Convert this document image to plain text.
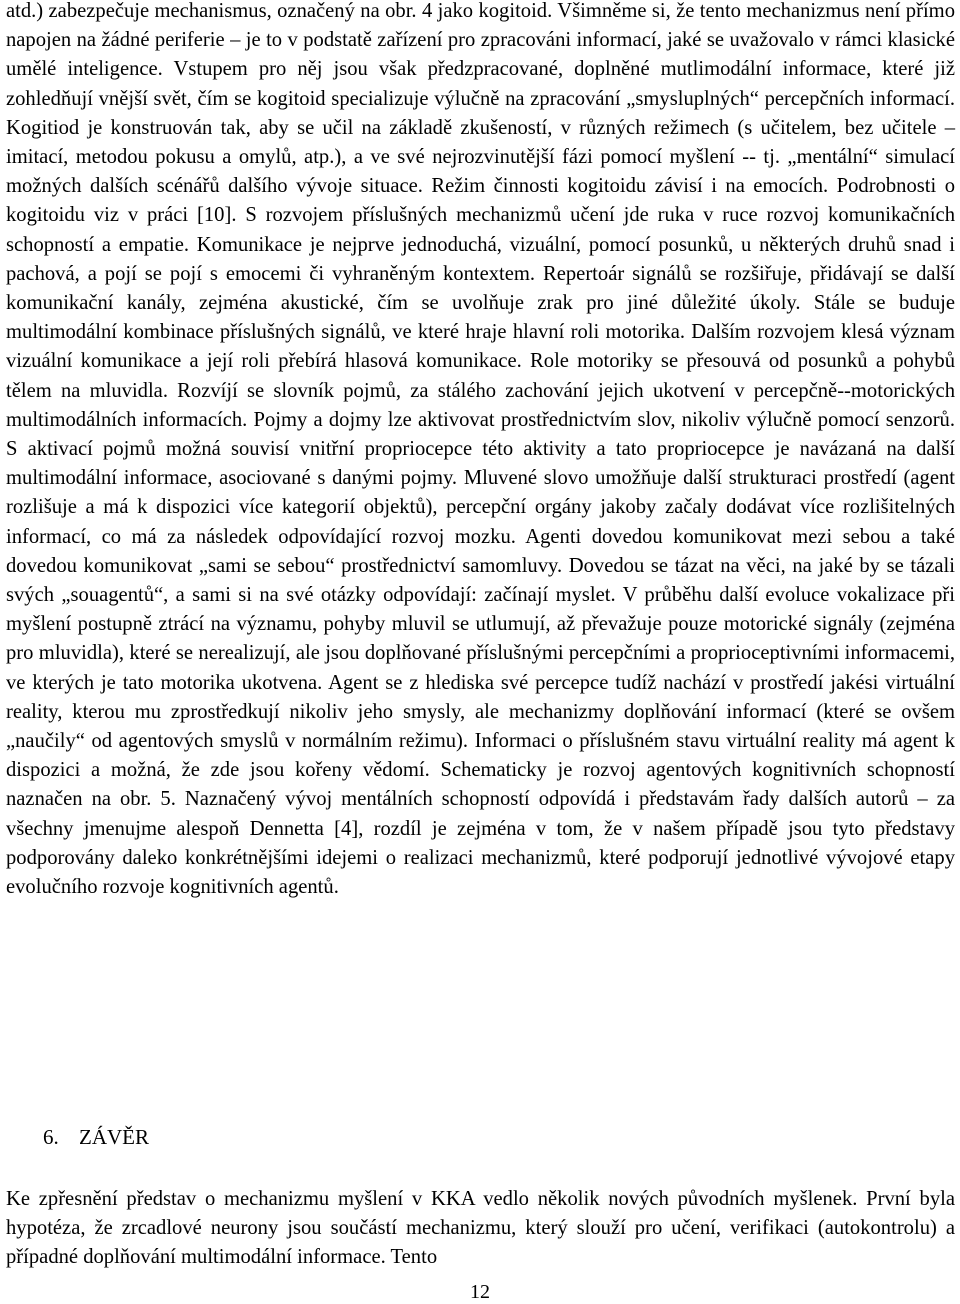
atd.) zabezpečuje mechanismus, označený na obr. 4 jako kogitoid. Všimněme si, že tento mechanizmus není přímo napojen na žádné periferie – je to v podstatě zařízení pro zpracováni informací, jaké se uvažovalo v rámci klasické umělé inteligence. Vstupem pro něj jsou však předzpracované, doplněné mutlimodální informace, které již zohledňují vnější svět, čím se kogitoid specializuje výlučně na zpracování „smysluplných“ percepčních informací. Kogitiod je konstruován tak, aby se učil na základě zkušeností, v různých režimech (s učitelem, bez učitele – imitací, metodou pokusu a omylů, atp.), a ve své nejrozvinutější fázi pomocí myšlení -- tj. „mentální“ simulací možných dalších scénářů dalšího vývoje situace. Režim činnosti kogitoidu závisí i na emocích. Podrobnosti o kogitoidu viz v práci [10]. S rozvojem příslušných mechanizmů učení jde ruka v ruce rozvoj komunikačních schopností a empatie. Komunikace je nejprve jednoduchá, vizuální, pomocí posunků, u některých druhů snad i pachová, a pojí se pojí s emocemi či vyhraněným kontextem. Repertoár signálů se rozšiřuje, přidávají se další komunikační kanály, zejména akustické, čím se uvolňuje zrak pro jiné důležité úkoly. Stále se buduje multimodální kombinace příslušných signálů, ve které hraje hlavní roli motorika. Dalším rozvojem klesá význam vizuální komunikace a její roli přebírá hlasová komunikace. Role motoriky se přesouvá od posunků a pohybů tělem na mluvidla. Rozvíjí se slovník pojmů, za stálého zachování jejich ukotvení v percepčně--motorických multimodálních informacích. Pojmy a dojmy lze aktivovat prostřednictvím slov, nikoliv výlučně pomocí senzorů. S aktivací pojmů možná souvisí vnitřní propriocepce této aktivity a tato propriocepce je navázaná na další multimodální informace, asociované s danými pojmy. Mluvené slovo umožňuje další strukturaci prostředí (agent rozlišuje a má k dispozici více kategorií objektů), percepční orgány jakoby začaly dodávat více rozlišitelných informací, co má za následek odpovídající rozvoj mozku. Agenti dovedou komunikovat mezi sebou a také dovedou komunikovat „sami se sebou“ prostřednictví samomluvy. Dovedou se tázat na věci, na jaké by se tázali svých „souagentů“, a sami si na své otázky odpovídají: začínají myslet. V průběhu další evoluce vokalizace při myšlení postupně ztrácí na významu, pohyby mluvil se utlumují, až převažuje pouze motorické signály (zejména pro mluvidla), které se nerealizují, ale jsou doplňované příslušnými percepčními a proprioceptivními informacemi, ve kterých je tato motorika ukotvena. Agent se z hlediska své percepce tudíž nachází v prostředí jakési virtuální reality, kterou mu zprostředkují nikoliv jeho smysly, ale mechanizmy doplňování informací (které se ovšem „naučily“ od agentových smyslů v normálním režimu). Informaci o příslušném stavu virtuální reality má agent k dispozici a možná, že zde jsou kořeny vědomí. Schematicky je rozvoj agentových kognitivních schopností naznačen na obr. 5. Naznačený vývoj mentálních schopností odpovídá i představám řady dalších autorů – za všechny jmenujme alespoň Dennetta [4], rozdíl je zejména v tom, že v našem případě jsou tyto představy podporovány daleko konkrétnějšími idejemi o realizaci mechanizmů, které podporují jednotlivé vývojové etapy evolučního rozvoje kognitivních agentů.

6. ZÁVĚR

Ke zpřesnění představ o mechanizmu myšlení v KKA vedlo několik nových původních myšlenek. První byla hypotéza, že zrcadlové neurony jsou součástí mechanizmu, který slouží pro učení, verifikaci (autokontrolu) a případné doplňování multimodální informace. Tento

12
